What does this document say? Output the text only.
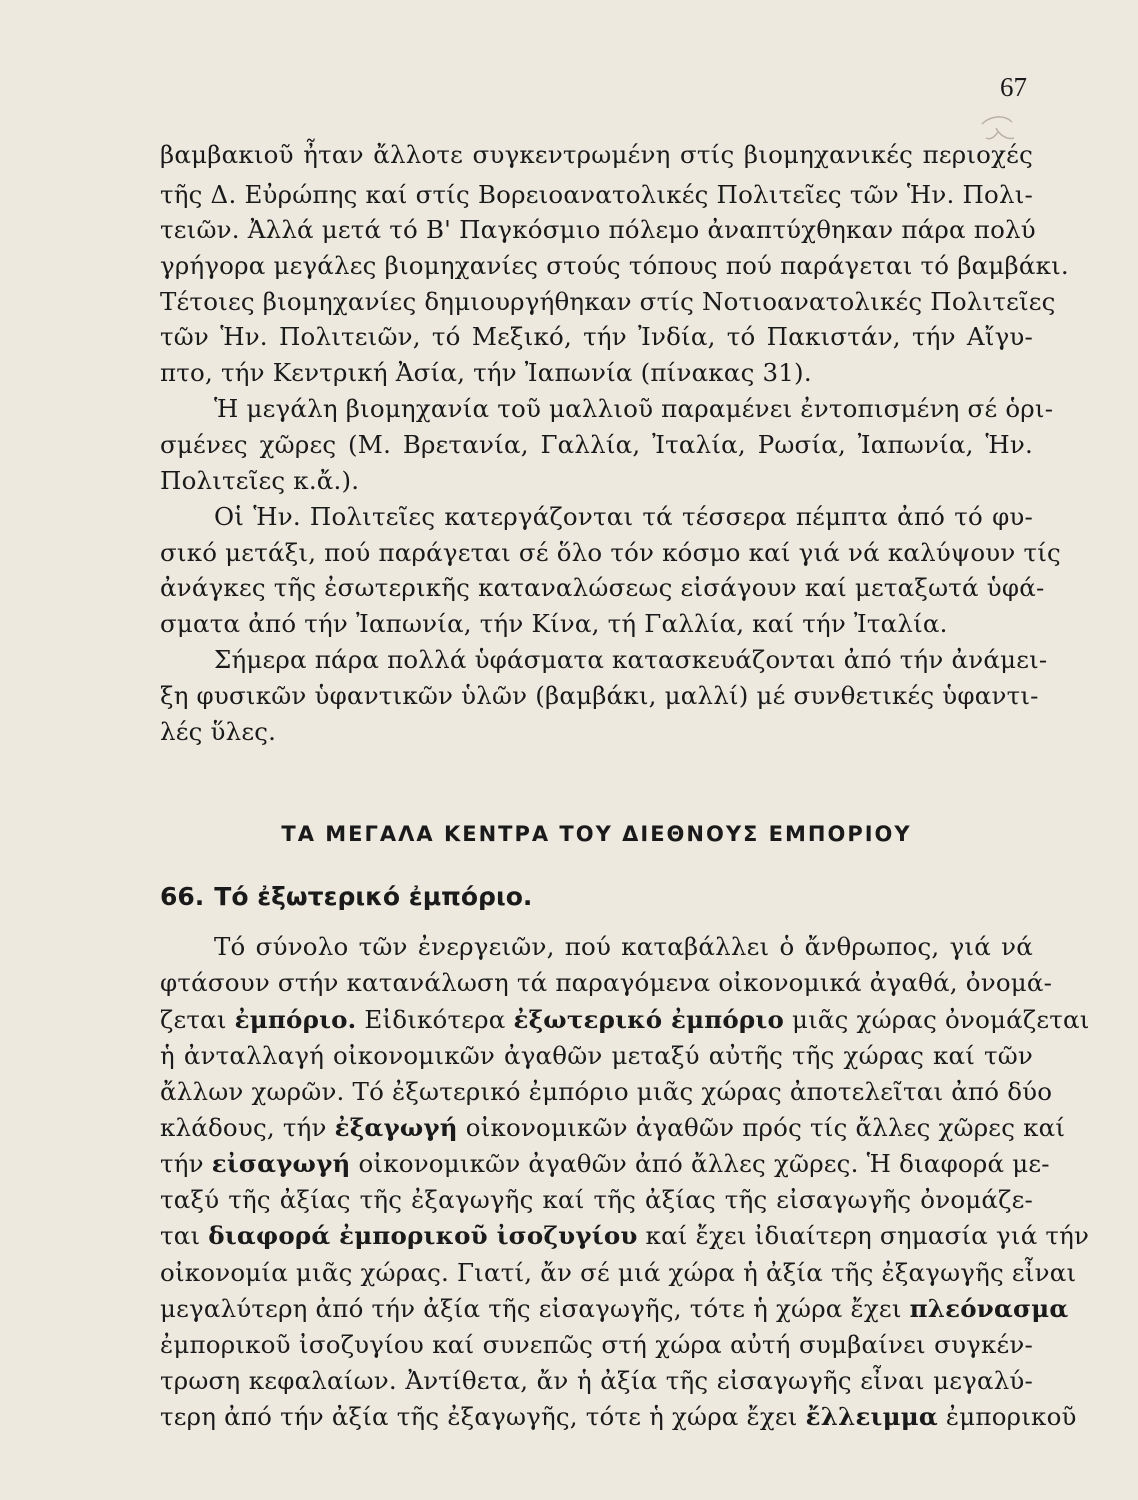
67
βαμβακιοῦ ἦταν ἄλλοτε συγκεντρωμένη στίς βιομηχανικές περιοχές
τῆς Δ. Εὐρώπης καί στίς Βορειοανατολικές Πολιτεῖες τῶν Ἡν. Πολι-
τειῶν. Ἀλλά μετά τό Β' Παγκόσμιο πόλεμο ἀναπτύχθηκαν πάρα πολύ
γρήγορα μεγάλες βιομηχανίες στούς τόπους πού παράγεται τό βαμβάκι.
Τέτοιες βιομηχανίες δημιουργήθηκαν στίς Νοτιοανατολικές Πολιτεῖες
τῶν Ἡν. Πολιτειῶν, τό Μεξικό, τήν Ἰνδία, τό Πακιστάν, τήν Αἴγυ-
πτο, τήν Κεντρική Ἀσία, τήν Ἰαπωνία (πίνακας 31).
Ἡ μεγάλη βιομηχανία τοῦ μαλλιοῦ παραμένει ἐντοπισμένη σέ ὁρι-
σμένες χῶρες (Μ. Βρετανία, Γαλλία, Ἰταλία, Ρωσία, Ἰαπωνία, Ἡν.
Πολιτεῖες κ.ἄ.).
Οἱ Ἡν. Πολιτεῖες κατεργάζονται τά τέσσερα πέμπτα ἀπό τό φυ-
σικό μετάξι, πού παράγεται σέ ὅλο τόν κόσμο καί γιά νά καλύψουν τίς
ἀνάγκες τῆς ἐσωτερικῆς καταναλώσεως εἰσάγουν καί μεταξωτά ὑφά-
σματα ἀπό τήν Ἰαπωνία, τήν Κίνα, τή Γαλλία, καί τήν Ἰταλία.
Σήμερα πάρα πολλά ὑφάσματα κατασκευάζονται ἀπό τήν ἀνάμει-
ξη φυσικῶν ὑφαντικῶν ὑλῶν (βαμβάκι, μαλλί) μέ συνθετικές ὑφαντι-
λές ὕλες.
ΤΑ ΜΕΓΑΛΑ ΚΕΝΤΡΑ ΤΟΥ ΔΙΕΘΝΟΥΣ ΕΜΠΟΡΙΟΥ
66. Τό ἐξωτερικό ἐμπόριο.
Τό σύνολο τῶν ἐνεργειῶν, πού καταβάλλει ὁ ἄνθρωπος, γιά νά
φτάσουν στήν κατανάλωση τά παραγόμενα οἰκονομικά ἀγαθά, ὀνομά-
ζεται ἐμπόριο. Εἰδικότερα ἐξωτερικό ἐμπόριο μιᾶς χώρας ὀνομάζεται
ἡ ἀνταλλαγή οἰκονομικῶν ἀγαθῶν μεταξύ αὐτῆς τῆς χώρας καί τῶν
ἄλλων χωρῶν. Τό ἐξωτερικό ἐμπόριο μιᾶς χώρας ἀποτελεῖται ἀπό δύο
κλάδους, τήν ἐξαγωγή οἰκονομικῶν ἀγαθῶν πρός τίς ἄλλες χῶρες καί
τήν εἰσαγωγή οἰκονομικῶν ἀγαθῶν ἀπό ἄλλες χῶρες. Ἡ διαφορά με-
ταξύ τῆς ἀξίας τῆς ἐξαγωγῆς καί τῆς ἀξίας τῆς εἰσαγωγῆς ὀνομάζε-
ται διαφορά ἐμπορικοῦ ἰσοζυγίου καί ἔχει ἰδιαίτερη σημασία γιά τήν
οἰκονομία μιᾶς χώρας. Γιατί, ἄν σέ μιά χώρα ἡ ἀξία τῆς ἐξαγωγῆς εἶναι
μεγαλύτερη ἀπό τήν ἀξία τῆς εἰσαγωγῆς, τότε ἡ χώρα ἔχει πλεόνασμα
ἐμπορικοῦ ἰσοζυγίου καί συνεπῶς στή χώρα αὐτή συμβαίνει συγκέν-
τρωση κεφαλαίων. Ἀντίθετα, ἄν ἡ ἀξία τῆς εἰσαγωγῆς εἶναι μεγαλύ-
τερη ἀπό τήν ἀξία τῆς ἐξαγωγῆς, τότε ἡ χώρα ἔχει ἔλλειμμα ἐμπορικοῦ
